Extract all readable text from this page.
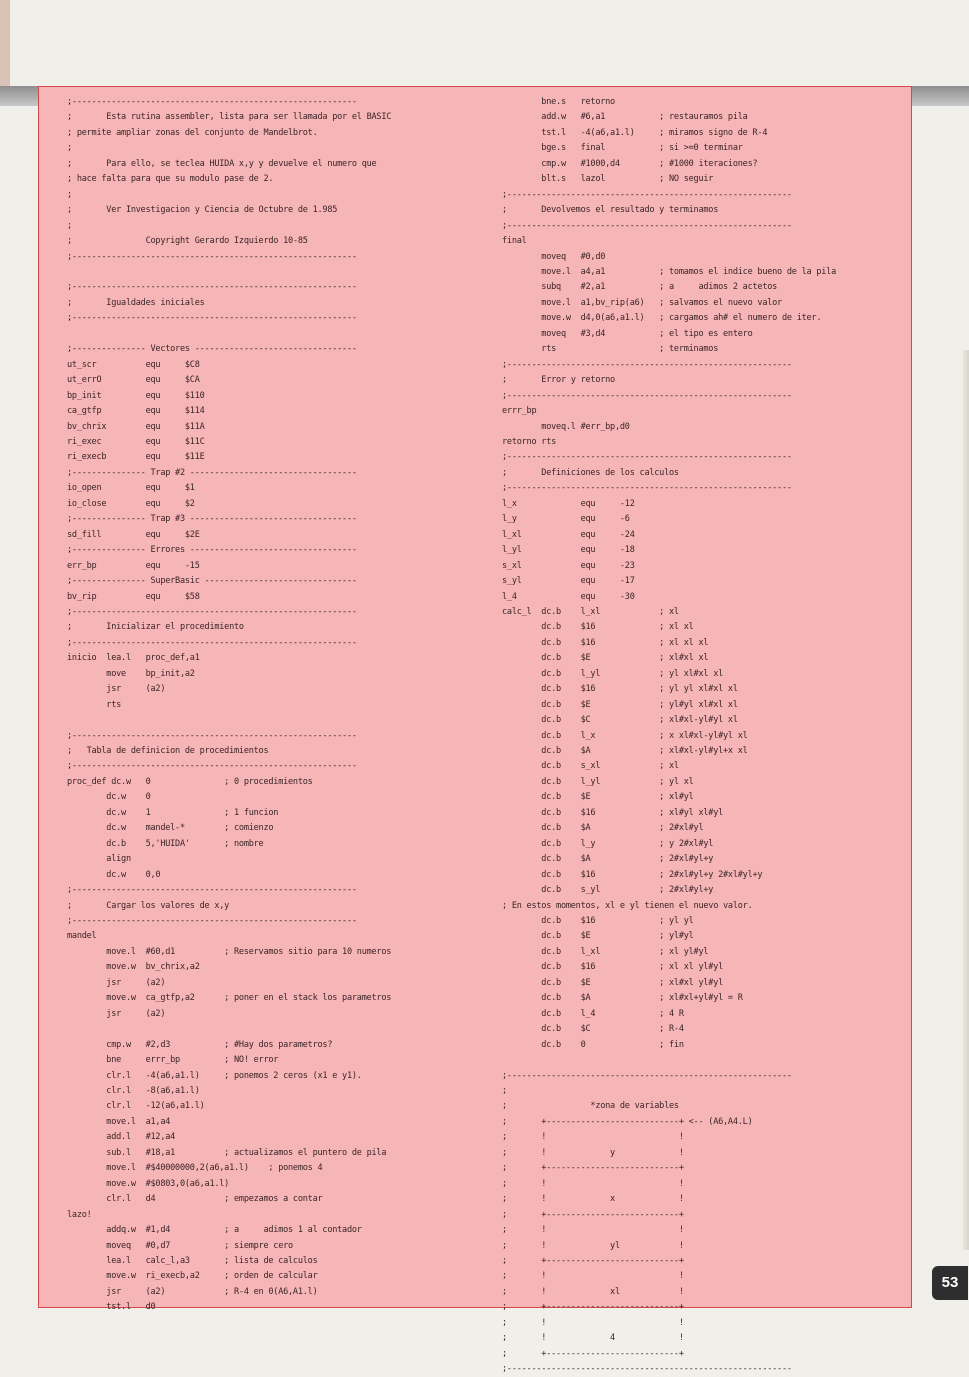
;----------------------------------------------------------
;       Esta rutina assembler, lista para ser llamada por el BASIC
; permite ampliar zonas del conjunto de Mandelbrot.
;
;       Para ello, se teclea HUIDA x,y y devuelve el numero que
; hace falta para que su modulo pase de 2.
;
;       Ver Investigacion y Ciencia de Octubre de 1.985
;
;               Copyright Gerardo Izquierdo 10-85
;----------------------------------------------------------

;----------------------------------------------------------
;       Igualdades iniciales
;----------------------------------------------------------

;--------------- Vectores ---------------------------------
ut_scr          equ     $C8
ut_errO         equ     $CA
bp_init         equ     $110
ca_gtfp         equ     $114
bv_chrix        equ     $11A
ri_exec         equ     $11C
ri_execb        equ     $11E
;--------------- Trap #2 ----------------------------------
io_open         equ     $1
io_close        equ     $2
;--------------- Trap #3 ----------------------------------
sd_fill         equ     $2E
;--------------- Errores ----------------------------------
err_bp          equ     -15
;--------------- SuperBasic -------------------------------
bv_rip          equ     $58
;----------------------------------------------------------
;       Inicializar el procedimiento
;----------------------------------------------------------
inicio  lea.l   proc_def,a1
move    bp_init,a2
jsr     (a2)
rts

;----------------------------------------------------------
;   Tabla de definicion de procedimientos
;----------------------------------------------------------
proc_def dc.w   0               ; 0 procedimientos
dc.w    0
dc.w    1               ; 1 funcion
dc.w    mandel-*        ; comienzo
dc.b    5,'HUIDA'       ; nombre
align
dc.w    0,0
;----------------------------------------------------------
;       Cargar los valores de x,y
;----------------------------------------------------------
mandel
move.l  #60,d1          ; Reservamos sitio para 10 numeros
move.w  bv_chrix,a2
jsr     (a2)
move.w  ca_gtfp,a2      ; poner en el stack los parametros
jsr     (a2)

cmp.w   #2,d3           ; #Hay dos parametros?
bne     errr_bp         ; NO! error
clr.l   -4(a6,a1.l)     ; ponemos 2 ceros (x1 e y1).
clr.l   -8(a6,a1.l)
clr.l   -12(a6,a1.l)
move.l  a1,a4
add.l   #12,a4
sub.l   #18,a1          ; actualizamos el puntero de pila
move.l  #$40000000,2(a6,a1.l)    ; ponemos 4
move.w  #$0803,0(a6,a1.l)
clr.l   d4              ; empezamos a contar
lazo!
addq.w  #1,d4           ; a     adimos 1 al contador
moveq   #0,d7           ; siempre cero
lea.l   calc_l,a3       ; lista de calculos
move.w  ri_execb,a2     ; orden de calcular
jsr     (a2)            ; R-4 en 0(A6,A1.l)
tst.l   d0

bne.s   retorno
add.w   #6,a1           ; restauramos pila
tst.l   -4(a6,a1.l)     ; miramos signo de R-4
bge.s   final           ; si >=0 terminar
cmp.w   #1000,d4        ; #1000 iteraciones?
blt.s   lazol           ; NO seguir
;----------------------------------------------------------
;       Devolvemos el resultado y terminamos
;----------------------------------------------------------
final
moveq   #0,d0
move.l  a4,a1           ; tomamos el indice bueno de la pila
subq    #2,a1           ; a     adimos 2 actetos
move.l  a1,bv_rip(a6)   ; salvamos el nuevo valor
move.w  d4,0(a6,a1.l)   ; cargamos ah# el numero de iter.
moveq   #3,d4           ; el tipo es entero
rts                     ; terminamos
;----------------------------------------------------------
;       Error y retorno
;----------------------------------------------------------
errr_bp
moveq.l #err_bp,d0
retorno rts
;----------------------------------------------------------
;       Definiciones de los calculos
;----------------------------------------------------------
l_x             equ     -12
l_y             equ     -6
l_xl            equ     -24
l_yl            equ     -18
s_xl            equ     -23
s_yl            equ     -17
l_4             equ     -30
calc_l  dc.b    l_xl            ; xl
dc.b    $16             ; xl xl
dc.b    $16             ; xl xl xl
dc.b    $E              ; xl#xl xl
dc.b    l_yl            ; yl xl#xl xl
dc.b    $16             ; yl yl xl#xl xl
dc.b    $E              ; yl#yl xl#xl xl
dc.b    $C              ; xl#xl-yl#yl xl
dc.b    l_x             ; x xl#xl-yl#yl xl
dc.b    $A              ; xl#xl-yl#yl+x xl
dc.b    s_xl            ; xl
dc.b    l_yl            ; yl xl
dc.b    $E              ; xl#yl
dc.b    $16             ; xl#yl xl#yl
dc.b    $A              ; 2#xl#yl
dc.b    l_y             ; y 2#xl#yl
dc.b    $A              ; 2#xl#yl+y
dc.b    $16             ; 2#xl#yl+y 2#xl#yl+y
dc.b    s_yl            ; 2#xl#yl+y
; En estos momentos, xl e yl tienen el nuevo valor.
dc.b    $16             ; yl yl
dc.b    $E              ; yl#yl
dc.b    l_xl            ; xl yl#yl
dc.b    $16             ; xl xl yl#yl
dc.b    $E              ; xl#xl yl#yl
dc.b    $A              ; xl#xl+yl#yl = R
dc.b    l_4             ; 4 R
dc.b    $C              ; R-4
dc.b    0               ; fin

;----------------------------------------------------------
;
;                 *zona de variables
;       +---------------------------+ <-- (A6,A4.L)
;       !                           !
;       !             y             !
;       +---------------------------+
;       !                           !
;       !             x             !
;       +---------------------------+
;       !                           !
;       !             yl            !
;       +---------------------------+
;       !                           !
;       !             xl            !
;       +---------------------------+
;       !                           !
;       !             4             !
;       +---------------------------+
;----------------------------------------------------------

53
